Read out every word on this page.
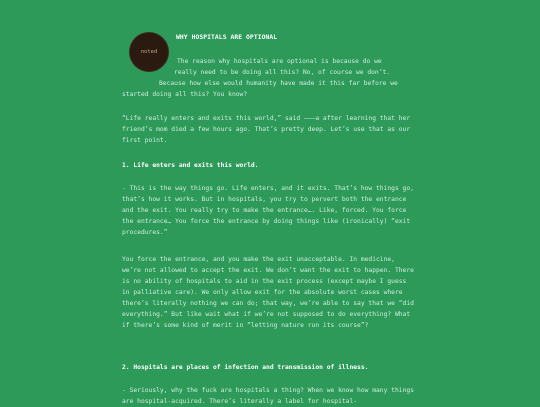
noted
WHY HOSPITALS ARE OPTIONAL

The reason why hospitals are optional is because do we
really need to be doing all this? No, of course we don’t.
Because how else would humanity have made it this far before we
started doing all this? You know?

“Life really enters and exits this world,” said ——–a after learning that her friend’s mom died a few hours ago. That’s pretty deep. Let’s use that as our first point.

1. Life enters and exits this world.

- This is the way things go. Life enters, and it exits. That’s how things go, that’s how it works. But in hospitals, you try to pervert both the entrance and the exit. You really try to make the entrance…. Like, forced. You force the entrance… You force the entrance by doing things like (ironically) “exit procedures.”

You force the entrance, and you make the exit unacceptable. In medicine, we’re not allowed to accept the exit. We don’t want the exit to happen. There is no ability of hospitals to aid in the exit process (except maybe I guess in palliative care). We only allow exit for the absolute worst cases where there’s literally nothing we can do; that way, we’re able to say that we “did everything.” But like wait what if we’re not supposed to do everything? What if there’s some kind of merit in “letting nature run its course”?

2. Hospitals are places of infection and transmission of illness.

- Seriously, why the fuck are hospitals a thing? When we know how many things are hospital-acquired. There’s literally a label for hospital-
